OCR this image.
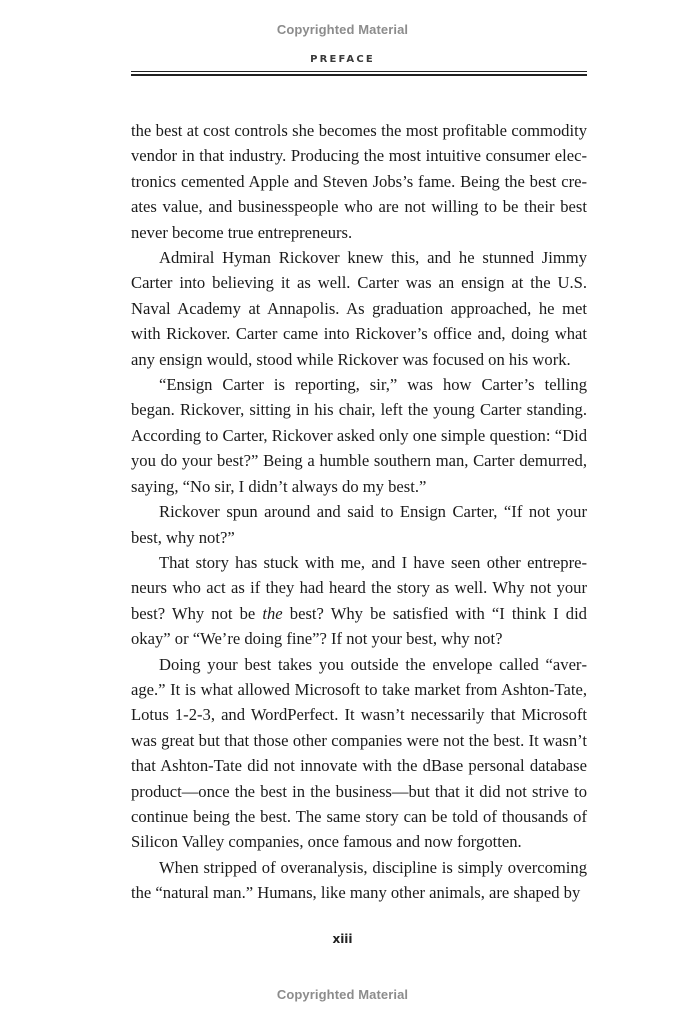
Copyrighted Material
PREFACE

the best at cost controls she becomes the most profitable commodity vendor in that industry. Producing the most intuitive consumer electronics cemented Apple and Steven Jobs’s fame. Being the best creates value, and businesspeople who are not willing to be their best never become true entrepreneurs.

Admiral Hyman Rickover knew this, and he stunned Jimmy Carter into believing it as well. Carter was an ensign at the U.S. Naval Academy at Annapolis. As graduation approached, he met with Rickover. Carter came into Rickover’s office and, doing what any ensign would, stood while Rickover was focused on his work.

“Ensign Carter is reporting, sir,” was how Carter’s telling began. Rickover, sitting in his chair, left the young Carter standing. According to Carter, Rickover asked only one simple question: “Did you do your best?” Being a humble southern man, Carter demurred, saying, “No sir, I didn’t always do my best.”

Rickover spun around and said to Ensign Carter, “If not your best, why not?”

That story has stuck with me, and I have seen other entrepreneurs who act as if they had heard the story as well. Why not your best? Why not be the best? Why be satisfied with “I think I did okay” or “We’re doing fine”? If not your best, why not?

Doing your best takes you outside the envelope called “average.” It is what allowed Microsoft to take market from Ashton-Tate, Lotus 1-2-3, and WordPerfect. It wasn’t necessarily that Microsoft was great but that those other companies were not the best. It wasn’t that Ashton-Tate did not innovate with the dBase personal database product—once the best in the business—but that it did not strive to continue being the best. The same story can be told of thousands of Silicon Valley companies, once famous and now forgotten.

When stripped of overanalysis, discipline is simply overcoming the “natural man.” Humans, like many other animals, are shaped by

xiii
Copyrighted Material
